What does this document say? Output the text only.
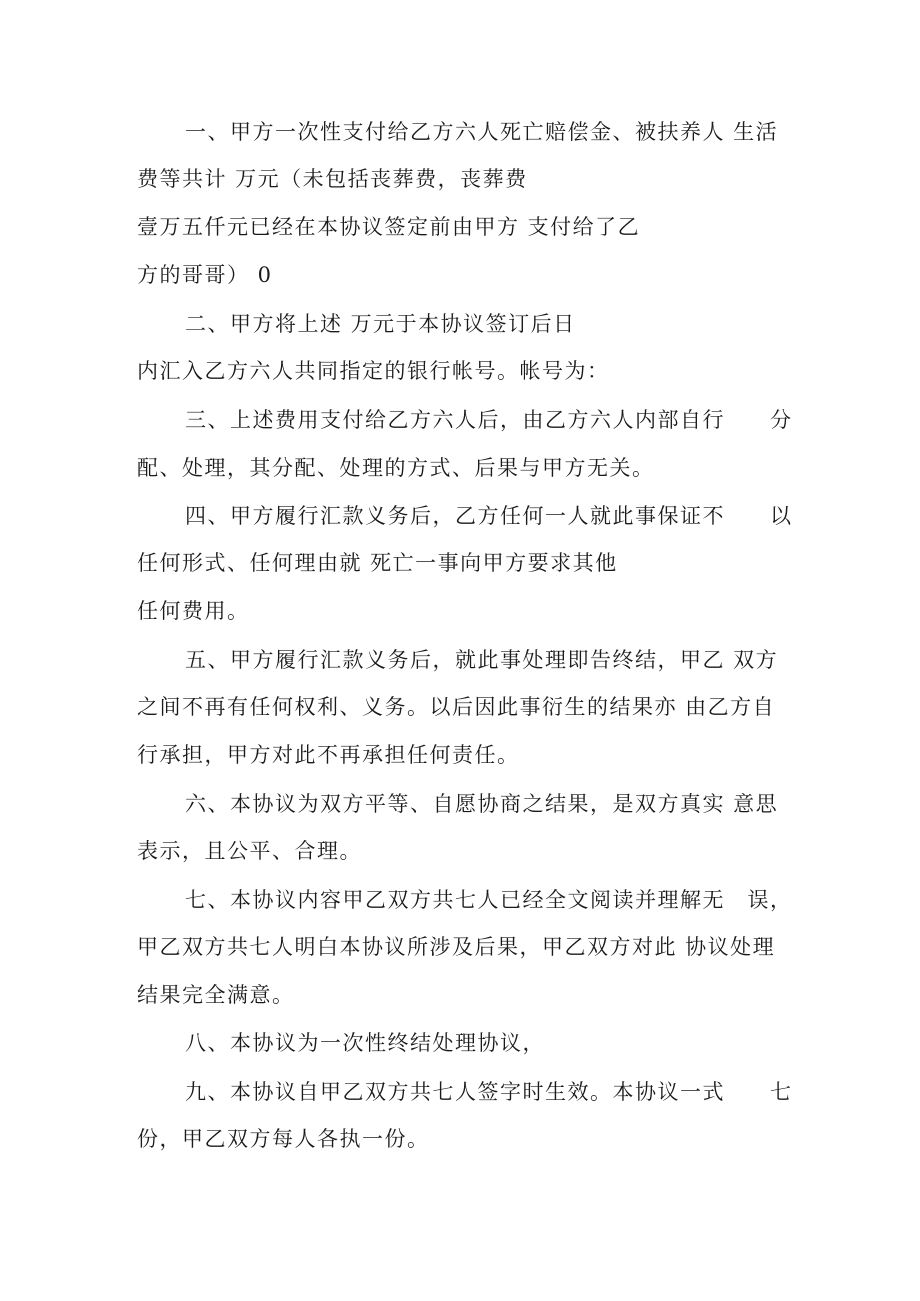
一、甲方一次性支付给乙方六人死亡赔偿金、被扶养人 生活
费等共计 万元（未包括丧葬费，丧葬费
壹万五仟元已经在本协议签定前由甲方 支付给了乙
方的哥哥） 0
二、甲方将上述 万元于本协议签订后日
内汇入乙方六人共同指定的银行帐号。帐号为：
三、上述费用支付给乙方六人后，由乙方六人内部自行　　分
配、处理，其分配、处理的方式、后果与甲方无关。
四、甲方履行汇款义务后，乙方任何一人就此事保证不　　以
任何形式、任何理由就 死亡一事向甲方要求其他
任何费用。
五、甲方履行汇款义务后，就此事处理即告终结，甲乙 双方
之间不再有任何权利、义务。以后因此事衍生的结果亦 由乙方自
行承担，甲方对此不再承担任何责任。
六、本协议为双方平等、自愿协商之结果，是双方真实 意思
表示，且公平、合理。
七、本协议内容甲乙双方共七人已经全文阅读并理解无　误，
甲乙双方共七人明白本协议所涉及后果，甲乙双方对此 协议处理
结果完全满意。
八、本协议为一次性终结处理协议，
九、本协议自甲乙双方共七人签字时生效。本协议一式　　七
份，甲乙双方每人各执一份。
